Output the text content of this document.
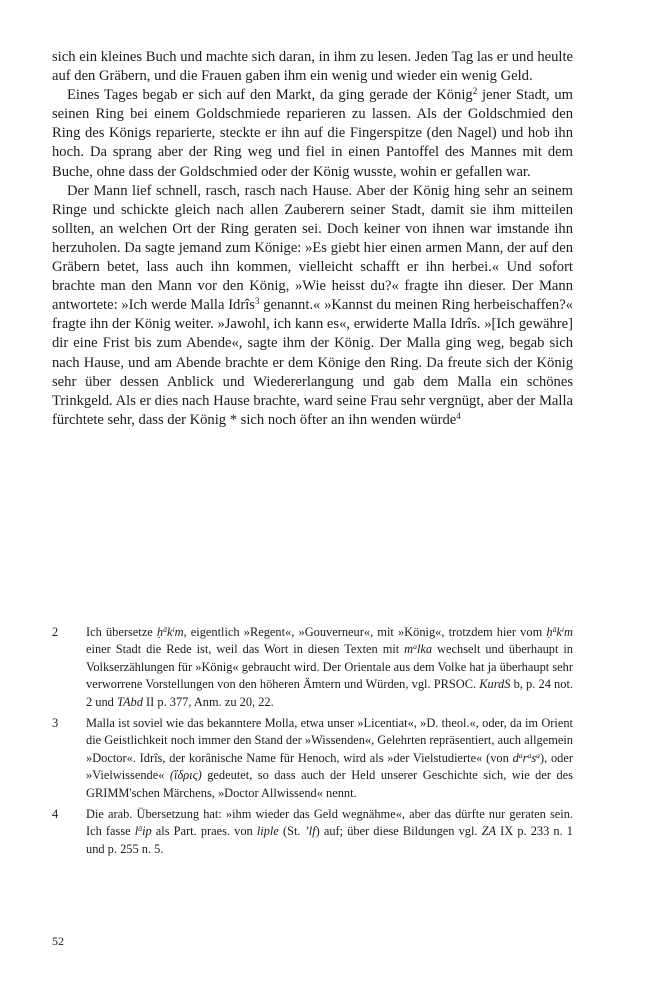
sich ein kleines Buch und machte sich daran, in ihm zu lesen. Jeden Tag las er und heulte auf den Gräbern, und die Frauen gaben ihm ein wenig und wieder ein wenig Geld.

Eines Tages begab er sich auf den Markt, da ging gerade der König$^2$ jener Stadt, um seinen Ring bei einem Goldschmiede reparieren zu lassen. Als der Goldschmied den Ring des Königs reparierte, steckte er ihn auf die Fingerspitze (den Nagel) und hob ihn hoch. Da sprang aber der Ring weg und fiel in einen Pantoffel des Mannes mit dem Buche, ohne dass der Goldschmied oder der König wusste, wohin er gefallen war.

Der Mann lief schnell, rasch, rasch nach Hause. Aber der König hing sehr an seinem Ringe und schickte gleich nach allen Zauberern seiner Stadt, damit sie ihm mitteilen sollten, an welchen Ort der Ring geraten sei. Doch keiner von ihnen war imstande ihn herzuholen. Da sagte jemand zum Könige: »Es giebt hier einen armen Mann, der auf den Gräbern betet, lass auch ihn kommen, vielleicht schafft er ihn herbei.« Und sofort brachte man den Mann vor den König, »Wie heisst du?« fragte ihn dieser. Der Mann antwortete: »Ich werde Malla Idrîs$^3$ genannt.« »Kannst du meinen Ring herbeischaffen?« fragte ihn der König weiter. »Jawohl, ich kann es«, erwiderte Malla Idrîs. »[Ich gewähre] dir eine Frist bis zum Abende«, sagte ihm der König. Der Malla ging weg, begab sich nach Hause, und am Abende brachte er dem Könige den Ring. Da freute sich der König sehr über dessen Anblick und Wiedererlangung und gab dem Malla ein schönes Trinkgeld. Als er dies nach Hause brachte, ward seine Frau sehr vergnügt, aber der Malla fürchtete sehr, dass der König * sich noch öfter an ihn wenden würde$^4$

2	Ich übersetze $ḥ^āk^im$, eigentlich »Regent«, »Gouverneur«, mit »König«, trotzdem hier vom $ḥ^āk^im$ einer Stadt die Rede ist, weil das Wort in diesen Texten mit $m^alka$ wechselt und überhaupt in Volkserzählungen für »König« gebraucht wird. Der Orientale aus dem Volke hat ja überhaupt sehr verworrene Vorstellungen von den höheren Ämtern und Würden, vgl. PRSOC. KurdS b, p. 24 not. 2 und TAbd II p. 377, Anm. zu 20, 22.
3	Malla ist soviel wie das bekanntere Molla, etwa unser »Licentiat«, »D. theol.«, oder, da im Orient die Geistlichkeit noch immer den Stand der »Wissenden«, Gelehrten repräsentiert, auch allgemein »Doctor«. Idrîs, der korânische Name für Henoch, wird als »der Vielstudierte« (von $d^ar^as^a$), oder »Vielwissende« (ἴδρις) gedeutet, so dass auch der Held unserer Geschichte sich, wie der des GRIMM'schen Märchens, »Doctor Allwissend« nennt.
4	Die arab. Übersetzung hat: »ihm wieder das Geld wegnähme«, aber das dürfte nur geraten sein. Ich fasse $l^āip$ als Part. praes. von liple (St. ʼlf) auf; über diese Bildungen vgl. ZA IX p. 233 n. 1 und p. 255 n. 5.
52
